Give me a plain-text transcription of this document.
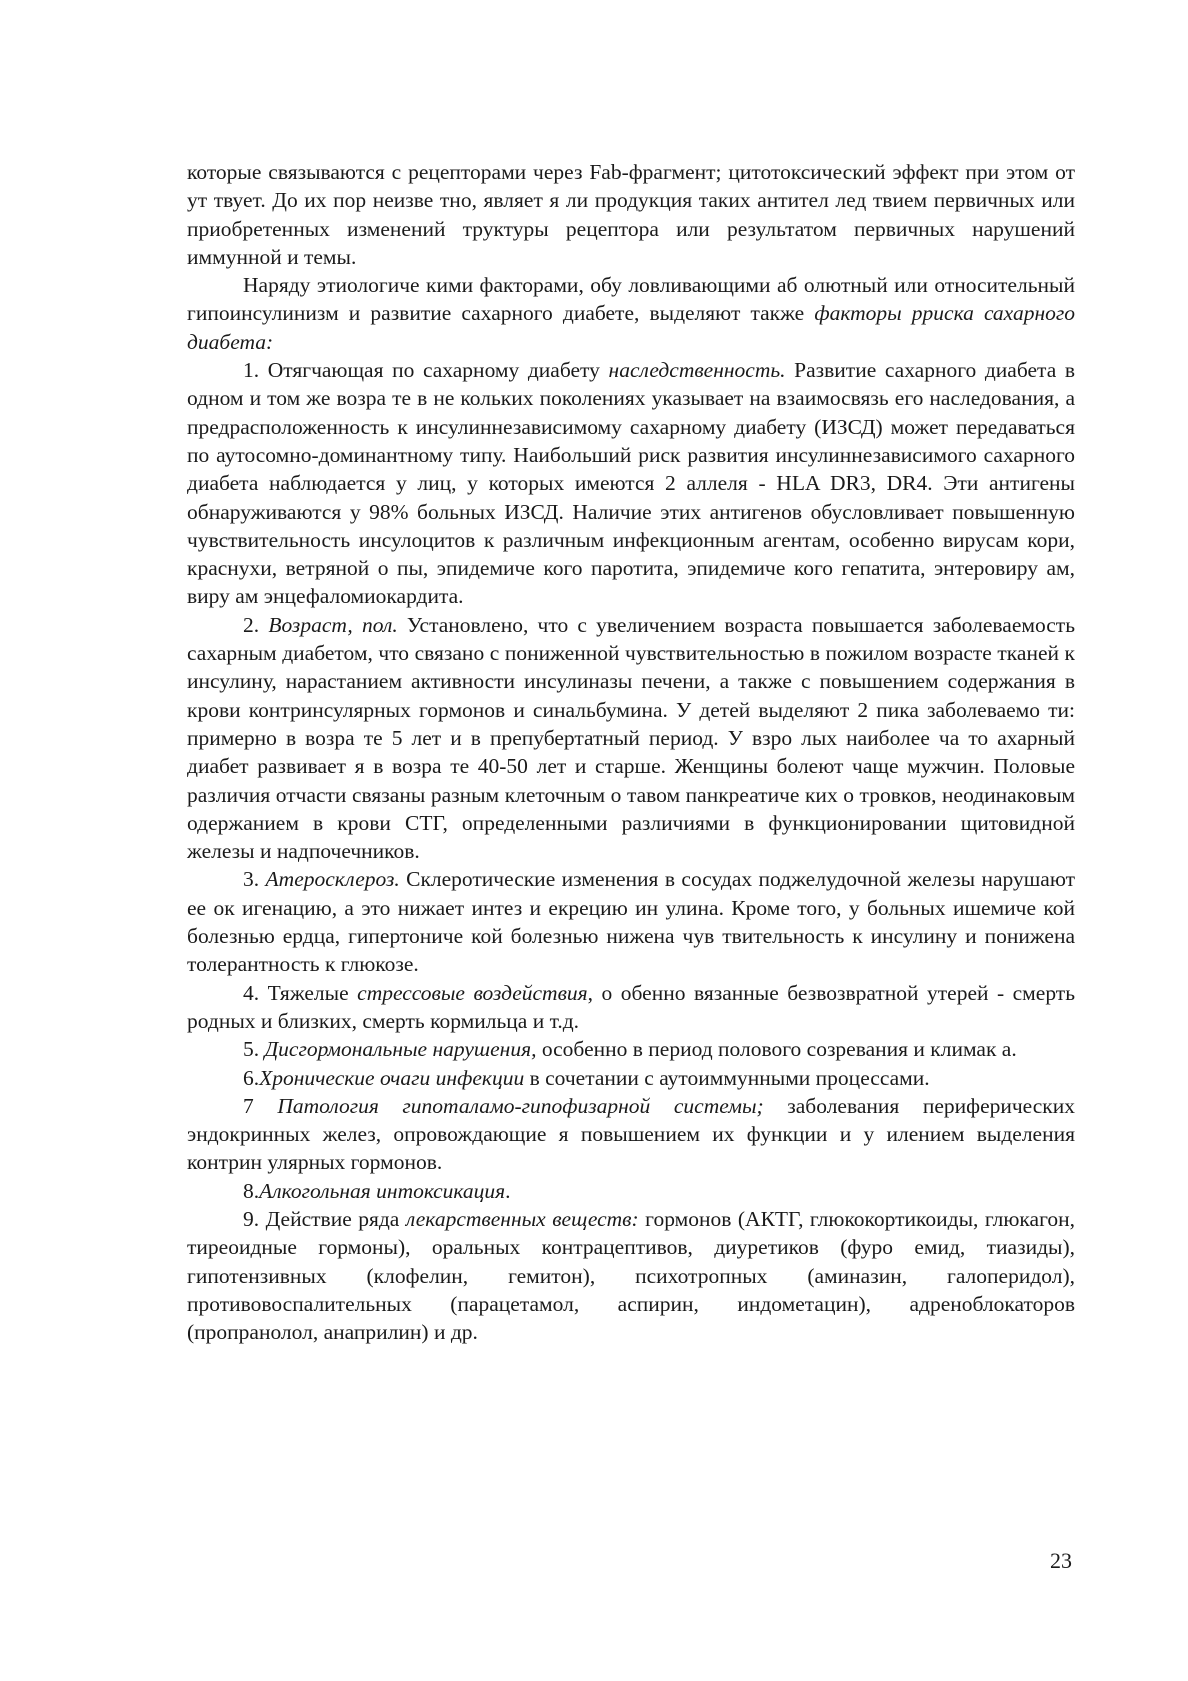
которые связываются с рецепторами через Fab-фрагмент; цитотоксический эффект при этом от ут твует. До их пор неизве тно, являет я ли продукция таких антител лед твием первичных или приобретенных изменений труктуры рецептора или результатом первичных нарушений иммунной и темы.

Наряду этиологиче кими факторами, обу ловливающими аб олютный или относительный гипоинсулинизм и развитие сахарного диабете, выделяют также факторы рриска сахарного диабета:

1. Отягчающая по сахарному диабету наследственность. Развитие сахарного диабета в одном и том же возра те в не кольких поколениях указывает на взаимосвязь его наследования, а предрасположенность к инсулиннезависимому сахарному диабету (ИЗСД) может передаваться по аутосомно-доминантному типу. Наибольший риск развития инсулиннезависимого сахарного диабета наблюдается у лиц, у которых имеются 2 аллеля - HLA DR3, DR4. Эти антигены обнаруживаются у 98% больных ИЗСД. Наличие этих антигенов обусловливает повышенную чувствительность инсулоцитов к различным инфекционным агентам, особенно вирусам кори, краснухи, ветряной о пы, эпидемиче кого паротита, эпидемиче кого гепатита, энтеровиру ам, виру ам энцефаломиокардита.

2. Возраст, пол. Установлено, что с увеличением возраста повышается заболеваемость сахарным диабетом, что связано с пониженной чувствительностью в пожилом возрасте тканей к инсулину, нарастанием активности инсулиназы печени, а также с повышением содержания в крови контринсулярных гормонов и синальбумина. У детей выделяют 2 пика заболеваемо ти: примерно в возра те 5 лет и в препубертатный период. У взро лых наиболее ча то ахарный диабет развивает я в возра те 40-50 лет и старше. Женщины болеют чаще мужчин. Половые различия отчасти связаны разным клеточным о тавом панкреатиче ких о тровков, неодинаковым одержанием в крови СТГ, определенными различиями в функционировании щитовидной железы и надпочечников.

3. Атеросклероз. Склеротические изменения в сосудах поджелудочной железы нарушают ее ок игенацию, а это нижает интез и екрецию ин улина. Кроме того, у больных ишемиче кой болезнью ердца, гипертониче кой болезнью нижена чув твительность к инсулину и понижена толерантность к глюкозе.

4. Тяжелые стрессовые воздействия, о обенно вязанные безвозвратной утерей - смерть родных и близких, смерть кормильца и т.д.

5. Дисгормональные нарушения, особенно в период полового созревания и климак а.

6.Хронические очаги инфекции в сочетании с аутоиммунными процессами.

7 Патология гипоталамо-гипофизарной системы; заболевания периферических эндокринных желез, опровождающие я повышением их функции и у илением выделения контрин улярных гормонов.

8.Алкогольная интоксикация.

9. Действие ряда лекарственных веществ: гормонов (АКТГ, глюкокортикоиды, глюкагон, тиреоидные гормоны), оральных контрацептивов, диуретиков (фуро емид, тиазиды), гипотензивных (клофелин, гемитон), психотропных (аминазин, галоперидол), противовоспалительных (парацетамол, аспирин, индометацин), адреноблокаторов (пропранолол, анаприлин) и др.

23
